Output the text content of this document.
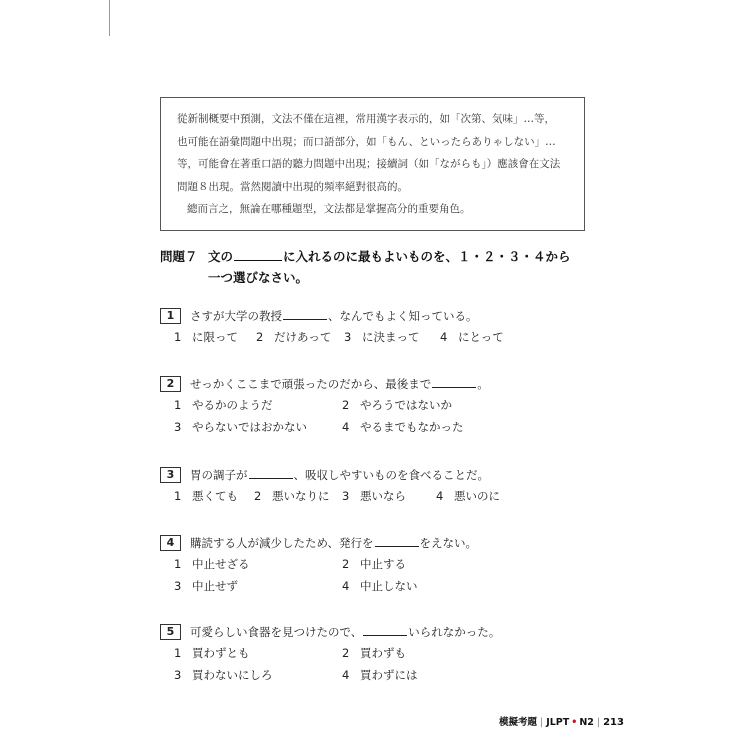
從新制概要中預測，文法不僅在這裡，常用漢字表示的，如「次第、気味」…等，
也可能在語彙問題中出現；而口語部分，如「もん、といったらありゃしない」…
等，可能會在著重口語的聽力問題中出現；接續詞（如「ながらも」）應該會在文法
問題８出現。當然閱讀中出現的頻率絕對很高的。
總而言之，無論在哪種題型，文法都是掌握高分的重要角色。
問題７ 文の	に入れるのに最もよいものを、１・２・３・４から
一つ選びなさい。
1	さすが大学の教授	、なんでもよく知っている。
1 に限って 2 だけあって 3 に決まって 4 にとって
2	せっかくここまで頑張ったのだから、最後まで	。
1 やるかのようだ	2 やろうではないか
3 やらないではおかない	4 やるまでもなかった
3	胃の調子が	、吸収しやすいものを食べることだ。
1 悪くても 2 悪いなりに 3 悪いなら	4 悪いのに
4	購読する人が減少したため、発行を	をえない。
1 中止せざる	2 中止する
3 中止せず	4 中止しない
5	可愛らしい食器を見つけたので、	いられなかった。
1 買わずとも	2 買わずも
3 買わないにしろ	4 買わずには
模擬考題 | JLPT • N2 | 213
